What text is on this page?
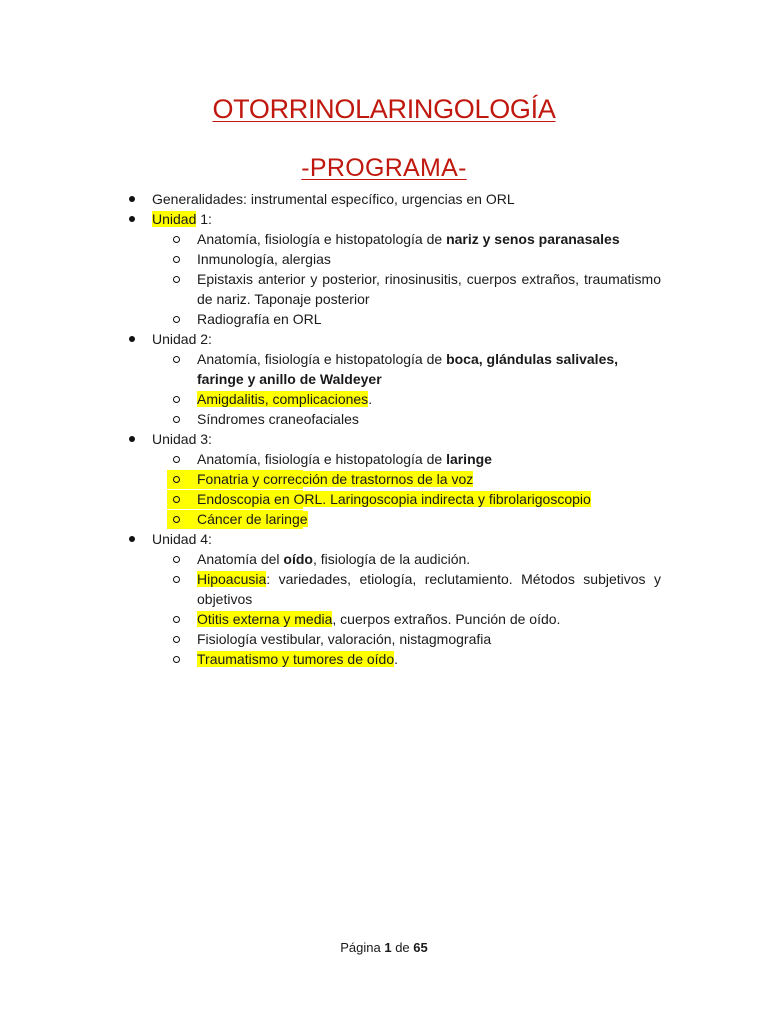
OTORRINOLARINGOLOGÍA
-PROGRAMA-
Generalidades: instrumental específico, urgencias en ORL
Unidad 1:
Anatomía, fisiología e histopatología de nariz y senos paranasales
Inmunología, alergias
Epistaxis anterior y posterior, rinosinusitis, cuerpos extraños, traumatismo de nariz. Taponaje posterior
Radiografía en ORL
Unidad 2:
Anatomía, fisiología e histopatología de boca, glándulas salivales, faringe y anillo de Waldeyer
Amigdalitis, complicaciones.
Síndromes craneofaciales
Unidad 3:
Anatomía, fisiología e histopatología de laringe
Fonatria y corrección de trastornos de la voz
Endoscopia en ORL. Laringoscopia indirecta y fibrolarigoscopio
Cáncer de laringe
Unidad 4:
Anatomía del oído, fisiología de la audición.
Hipoacusia: variedades, etiología, reclutamiento. Métodos subjetivos y objetivos
Otitis externa y media, cuerpos extraños. Punción de oído.
Fisiología vestibular, valoración, nistagmografia
Traumatismo y tumores de oído.
Página 1 de 65
